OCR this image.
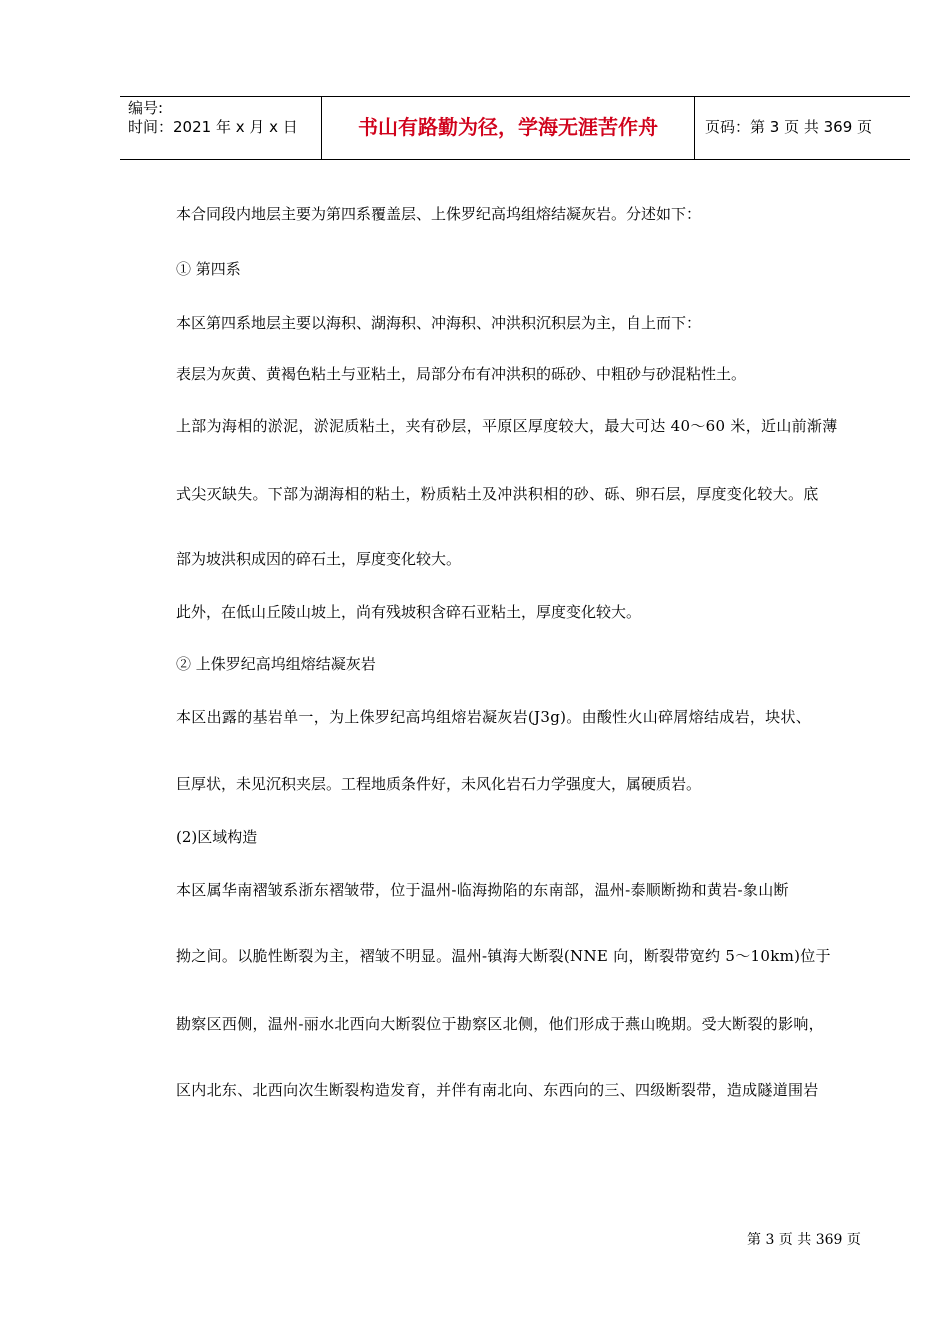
编号:
时间：2021 年 x 月 x 日	书山有路勤为径，学海无涯苦作舟	页码：第 3 页 共 369 页
本合同段内地层主要为第四系覆盖层、上侏罗纪高坞组熔结凝灰岩。分述如下：
① 第四系
本区第四系地层主要以海积、湖海积、冲海积、冲洪积沉积层为主，自上而下：
表层为灰黄、黄褐色粘土与亚粘土，局部分布有冲洪积的砾砂、中粗砂与砂混粘性土。
上部为海相的淤泥，淤泥质粘土，夹有砂层，平原区厚度较大，最大可达 40～60 米，近山前渐薄
式尖灭缺失。下部为湖海相的粘土，粉质粘土及冲洪积相的砂、砾、卵石层，厚度变化较大。底
部为坡洪积成因的碎石土，厚度变化较大。
此外，在低山丘陵山坡上，尚有残坡积含碎石亚粘土，厚度变化较大。
② 上侏罗纪高坞组熔结凝灰岩
本区出露的基岩单一，为上侏罗纪高坞组熔岩凝灰岩(J3g)。由酸性火山碎屑熔结成岩，块状、
巨厚状，未见沉积夹层。工程地质条件好，未风化岩石力学强度大，属硬质岩。
(2)区域构造
本区属华南褶皱系浙东褶皱带，位于温州-临海拗陷的东南部，温州-泰顺断拗和黄岩-象山断
拗之间。以脆性断裂为主，褶皱不明显。温州-镇海大断裂(NNE 向，断裂带宽约 5～10km)位于
勘察区西侧，温州-丽水北西向大断裂位于勘察区北侧，他们形成于燕山晚期。受大断裂的影响，
区内北东、北西向次生断裂构造发育，并伴有南北向、东西向的三、四级断裂带，造成隧道围岩
第 3 页 共 369 页
